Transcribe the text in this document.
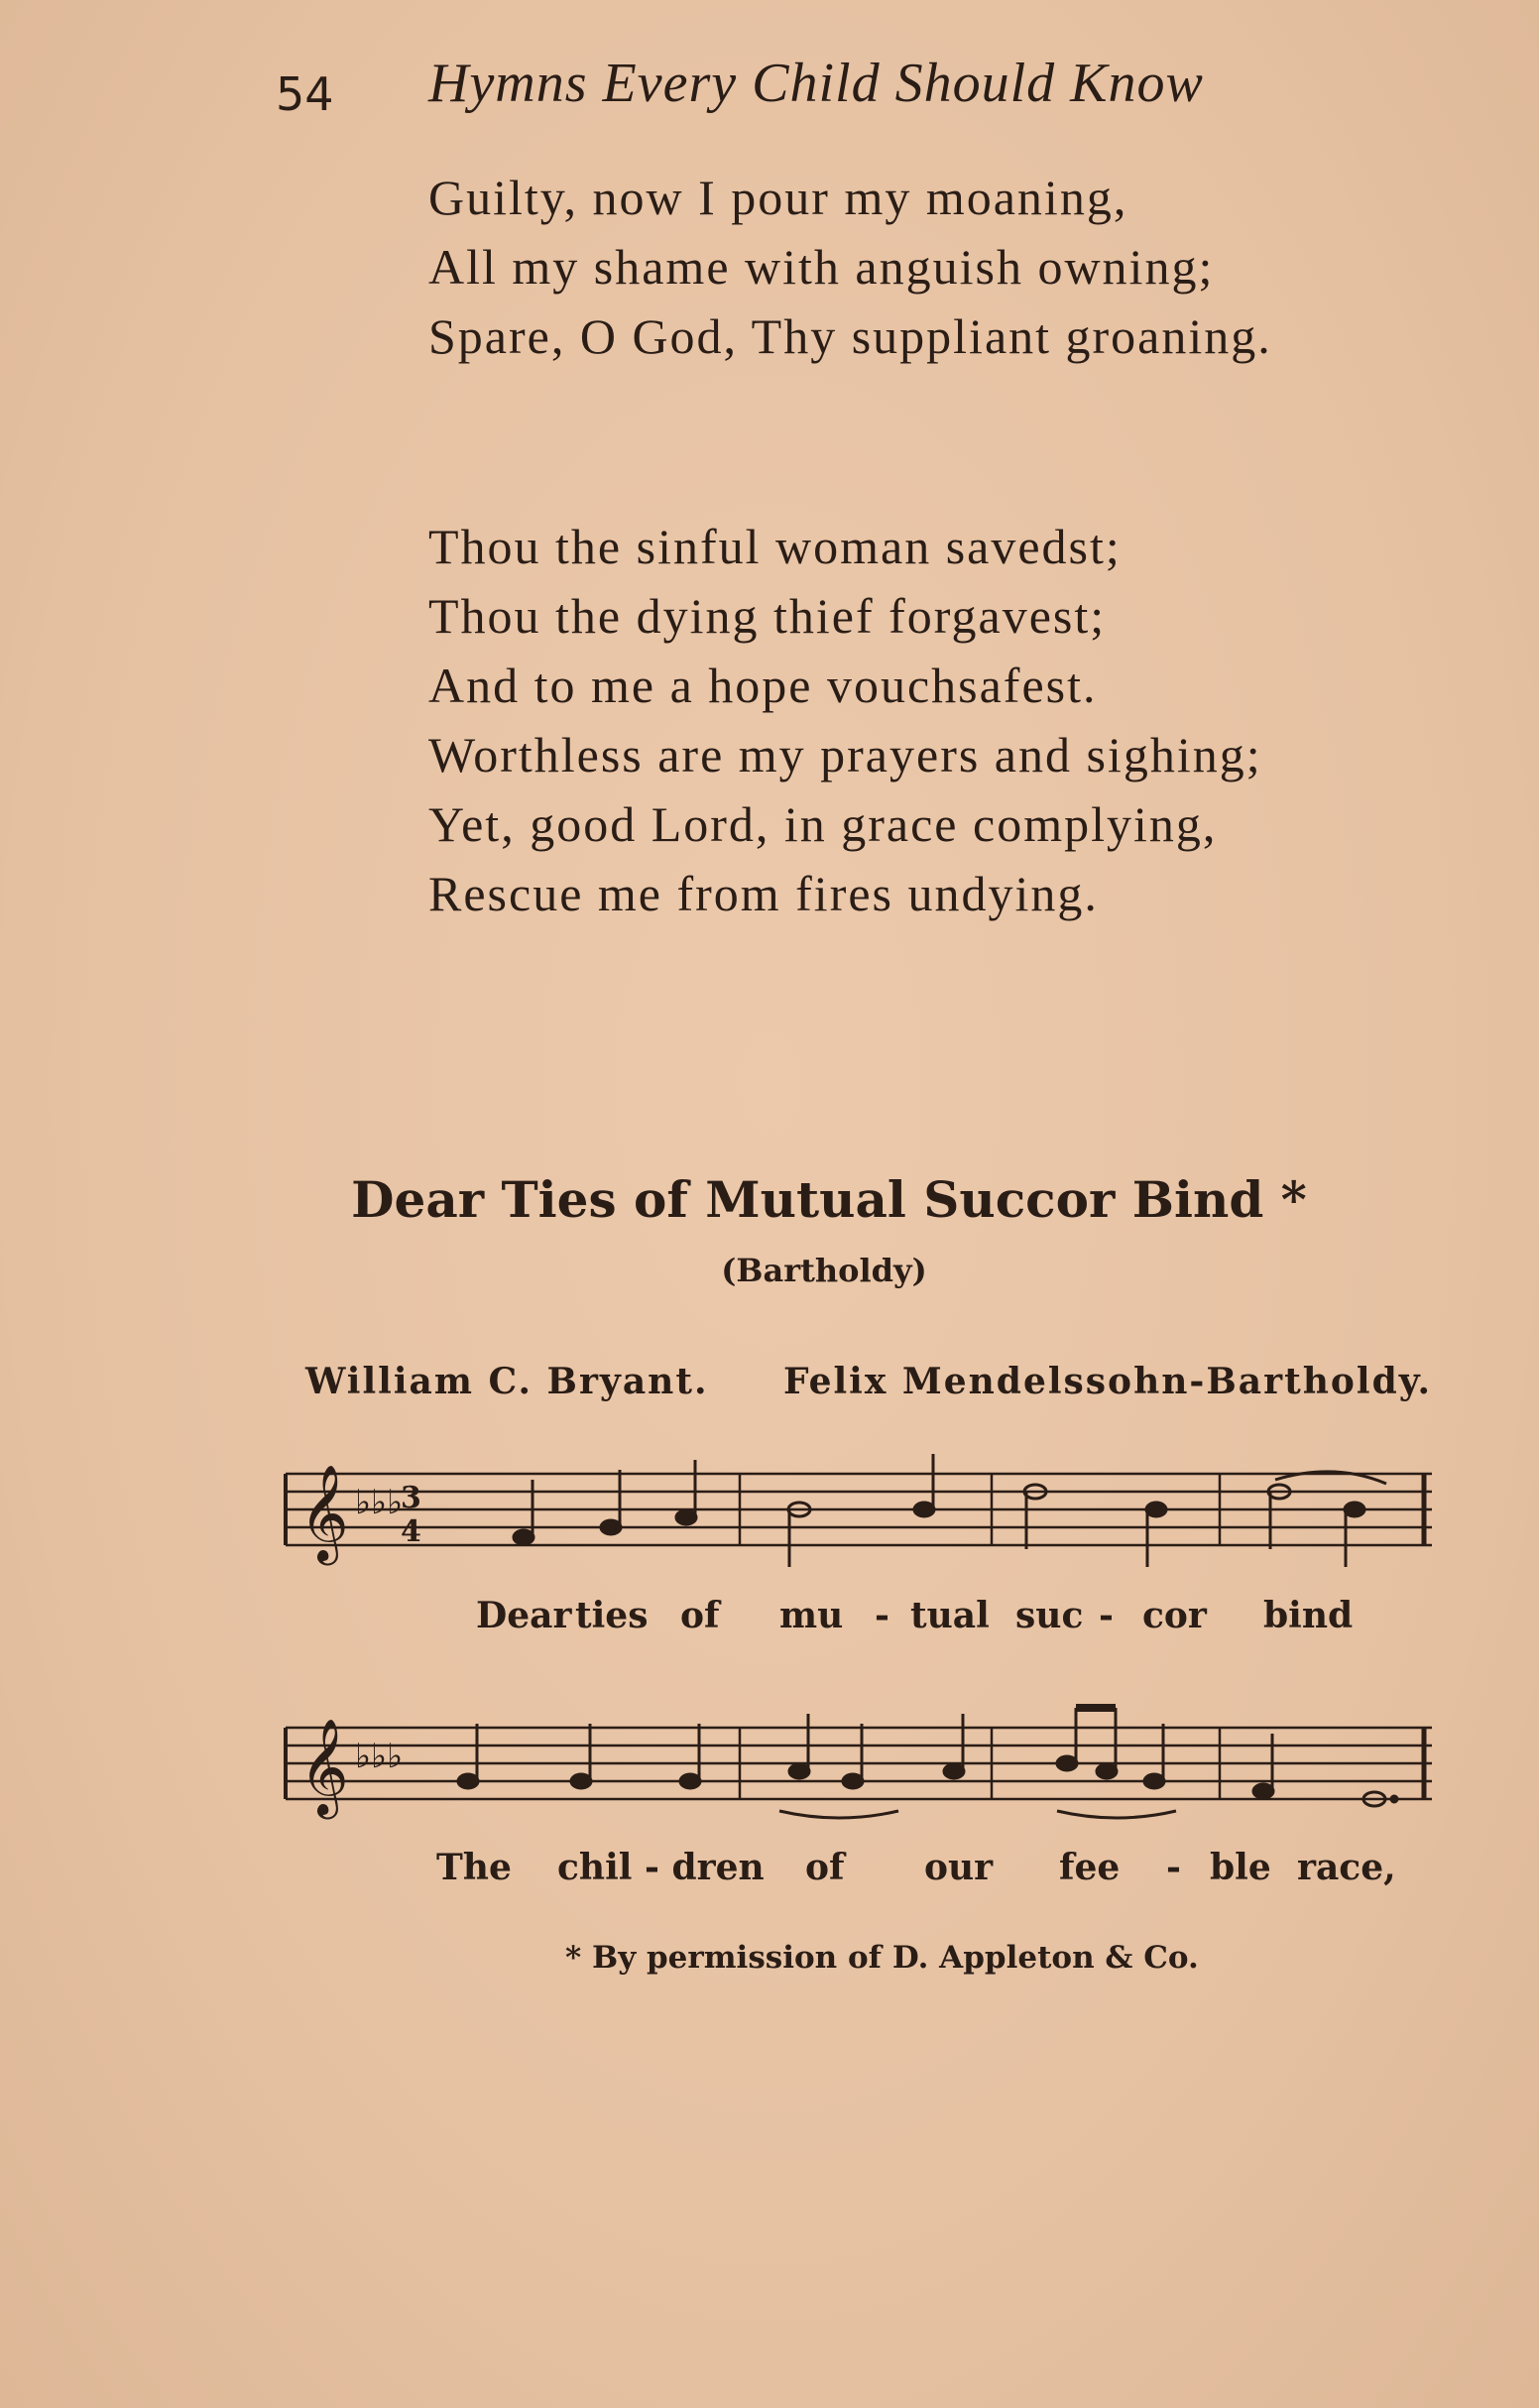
54 Hymns Every Child Should Know
Guilty, now I pour my moaning,
All my shame with anguish owning;
Spare, O God, Thy suppliant groaning.
Thou the sinful woman savedst;
Thou the dying thief forgavest;
And to me a hope vouchsafest.
Worthless are my prayers and sighing;
Yet, good Lord, in grace complying,
Rescue me from fires undying.
Dear Ties of Mutual Succor Bind *
(Bartholdy)
William C. Bryant. Felix Mendelssohn-Bartholdy.
𝄞 ♭♭♭
3
4
Dear ties of mu - tual suc - cor bind
𝄞 ♭♭♭
The chil - dren of our fee - ble race,
* By permission of D. Appleton & Co.
